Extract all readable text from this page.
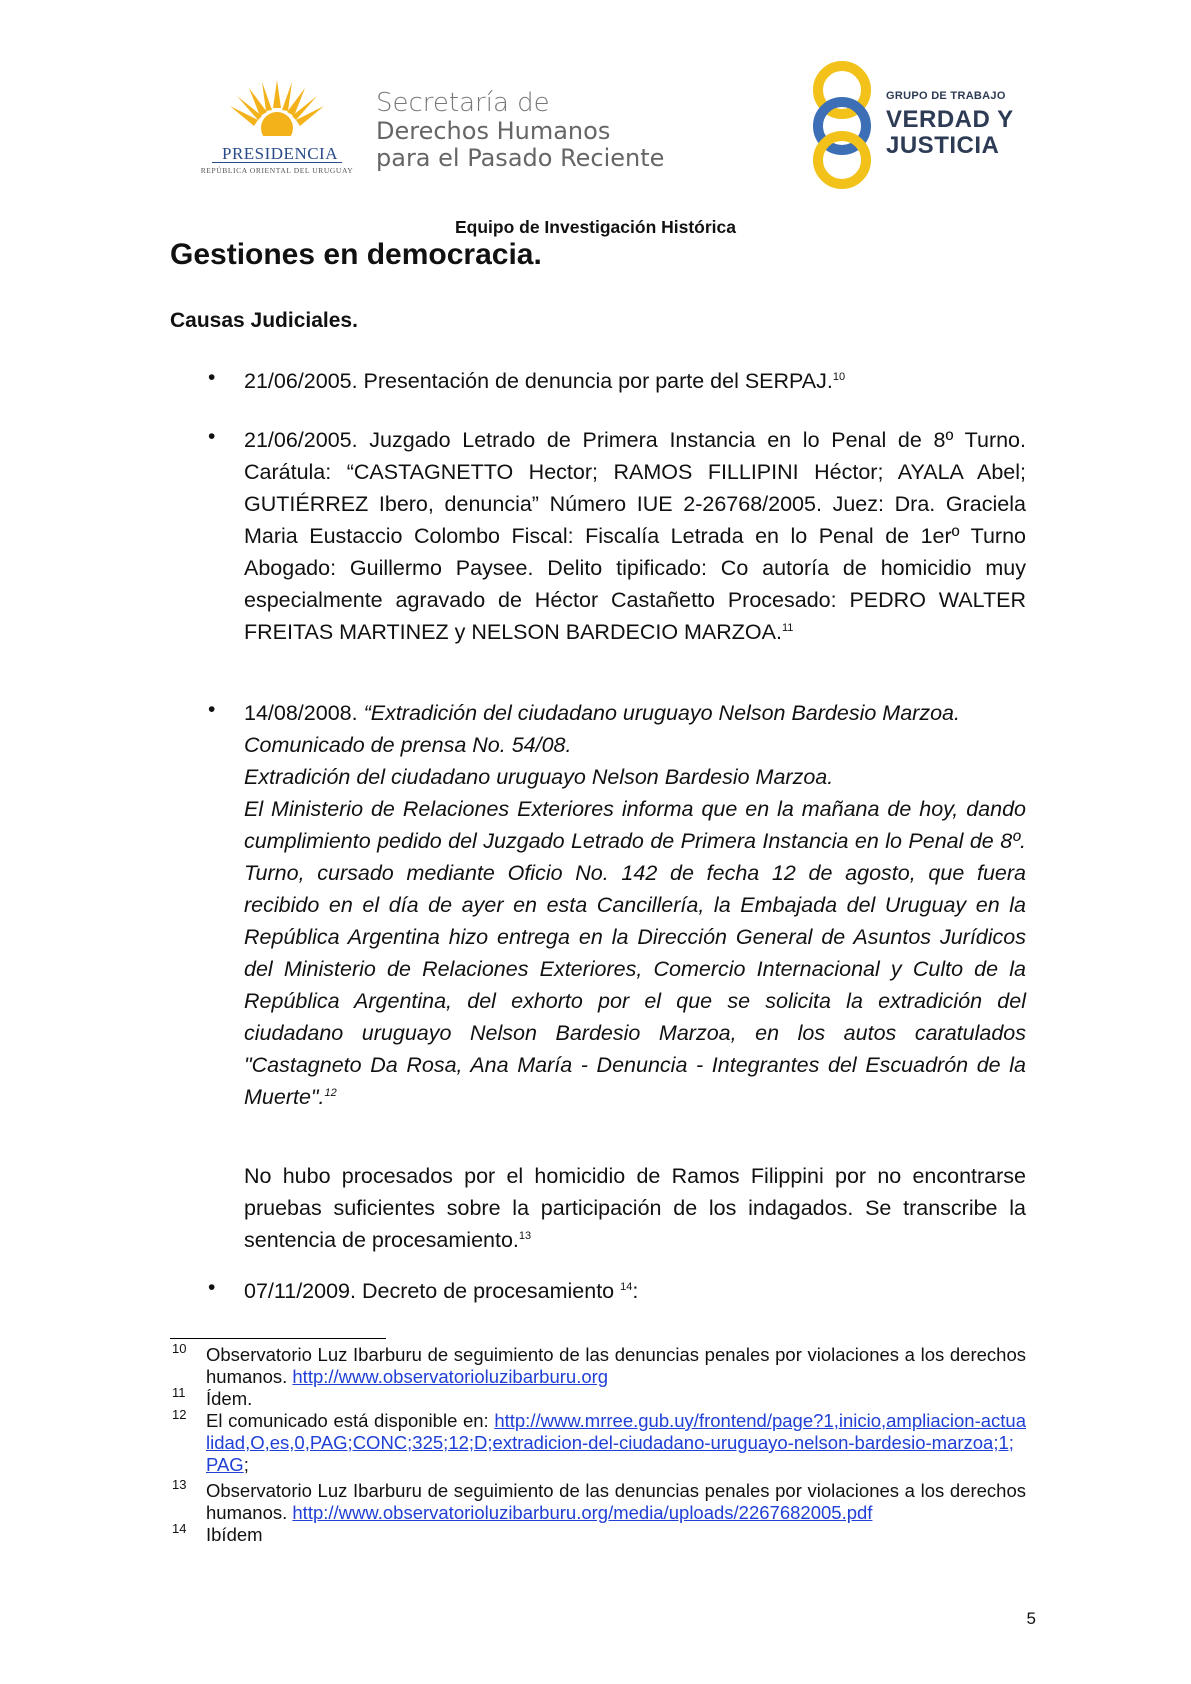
PRESIDENCIA
REPÚBLICA ORIENTAL DEL URUGUAY
Secretaría de
Derechos Humanos
para el Pasado Reciente
GRUPO DE TRABAJO
VERDAD Y
JUSTICIA
Equipo de Investigación Histórica
Gestiones en democracia.
Causas Judiciales.
• 21/06/2005. Presentación de denuncia por parte del SERPAJ.$^{10}$
• 21/06/2005. Juzgado Letrado de Primera Instancia en lo Penal de 8º Turno. Carátula: “CASTAGNETTO Hector; RAMOS FILLIPINI Héctor; AYALA Abel; GUTIÉRREZ Ibero, denuncia” Número IUE 2-26768/2005. Juez: Dra. Graciela Maria Eustaccio Colombo Fiscal: Fiscalía Letrada en lo Penal de 1erº Turno Abogado: Guillermo Paysee. Delito tipificado: Co autoría de homicidio muy especialmente agravado de Héctor Castañetto Procesado: PEDRO WALTER FREITAS MARTINEZ y NELSON BARDECIO MARZOA.$^{11}$
• 14/08/2008. “Extradición del ciudadano uruguayo Nelson Bardesio Marzoa.
Comunicado de prensa No. 54/08.
Extradición del ciudadano uruguayo Nelson Bardesio Marzoa.
El Ministerio de Relaciones Exteriores informa que en la mañana de hoy, dando cumplimiento pedido del Juzgado Letrado de Primera Instancia en lo Penal de 8º. Turno, cursado mediante Oficio No. 142 de fecha 12 de agosto, que fuera recibido en el día de ayer en esta Cancillería, la Embajada del Uruguay en la República Argentina hizo entrega en la Dirección General de Asuntos Jurídicos del Ministerio de Relaciones Exteriores, Comercio Internacional y Culto de la República Argentina, del exhorto por el que se solicita la extradición del ciudadano uruguayo Nelson Bardesio Marzoa, en los autos caratulados "Castagneto Da Rosa, Ana María - Denuncia - Integrantes del Escuadrón de la Muerte".$^{12}$
No hubo procesados por el homicidio de Ramos Filippini por no encontrarse pruebas suficientes sobre la participación de los indagados. Se transcribe la sentencia de procesamiento.$^{13}$
• 07/11/2009. Decreto de procesamiento $^{14}$:
10 Observatorio Luz Ibarburu de seguimiento de las denuncias penales por violaciones a los derechos humanos. http://www.observatorioluzibarburu.org
11 Ídem.
12 El comunicado está disponible en: http://www.mrree.gub.uy/frontend/page?1,inicio,ampliacion-actualidad,O,es,0,PAG;CONC;325;12;D;extradicion-del-ciudadano-uruguayo-nelson-bardesio-marzoa;1;PAG;
13 Observatorio Luz Ibarburu de seguimiento de las denuncias penales por violaciones a los derechos humanos. http://www.observatorioluzibarburu.org/media/uploads/2267682005.pdf
14 Ibídem
5
